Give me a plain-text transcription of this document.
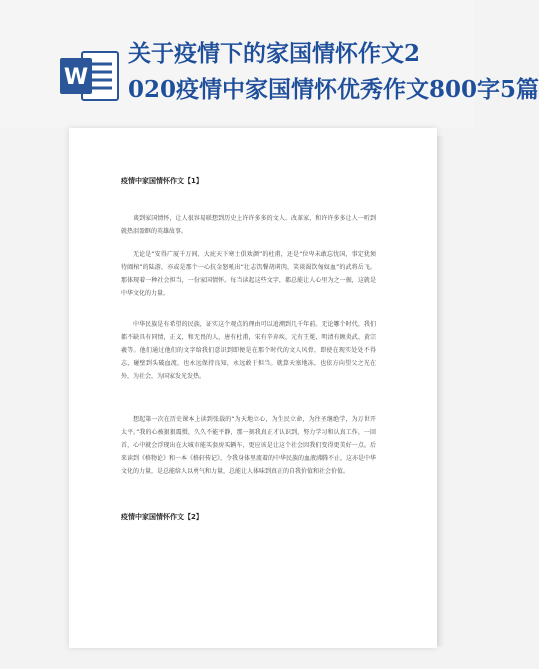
W
关于疫情下的家国情怀作文2
020疫情中家国情怀优秀作文800字5篇
疫情中家国情怀作文【1】
谈到家国情怀，让人很容易联想到历史上许许多多的文人、改革家，和许许多多让人一听到就热泪盈眶的英雄故事。
无论是“安得广厦千万间，大庇天下寒士俱欢颜”的杜甫，还是“位卑未敢忘忧国，事定犹须待阖棺”的陆游，亦或是那个一心抗金怒吼出“壮志饥餐胡虏肉，笑谈渴饮匈奴血”的武将岳飞。那体现着一种社会担当，一份家国情怀。每当读起这些文字，都总能让人心里为之一振，这就是中华文化的力量。
中华民族是有希望的民族，证实这个观点的理由可以追溯到几千年前。无论哪个时代，我们都不缺具有同情，正义，和无畏的人，唐有杜甫，宋有辛弃疾，元有王冕，明清有顾炎武、黄宗羲等。他们通过他们的文字给我们意识到即便是在那个时代的文人风骨，即使在现实处处不得志，碰壁到头破血流，也永远保持良知，永远敢于担当。就算天塞地冻，也依方向望父之光在外，为社会，为国家发光发热。
想起第一次在历史课本上读到张载的“为天地立心，为生民立命，为往圣继绝学，为万世开太平。”我的心被狠狠震慑，久久不能平静，那一刻我真正才认识到，努力学习和认真工作，一回首，心中就会浮现出在大城市能买套房买辆车，更应该是让这个社会因我们变得更美好一点。后来读到《格物论》和一本《格轩传记》，令我身体里流着的中华民族的血液沸腾不止，这亦是中华文化的力量，是总能给人以勇气和力量，总能让人体味到真正的自我价值和社会价值。
疫情中家国情怀作文【2】
